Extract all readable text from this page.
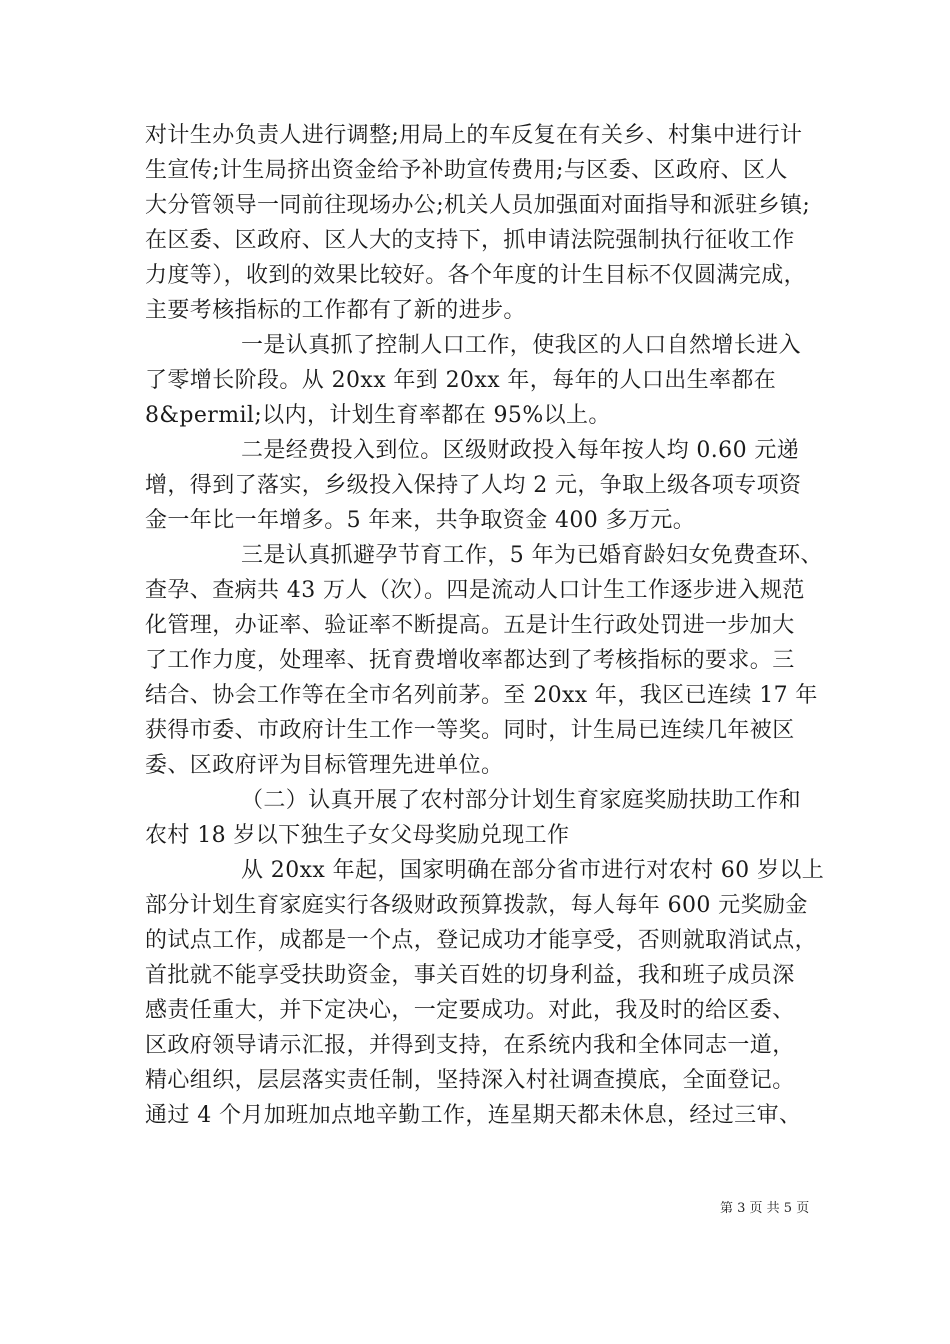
对计生办负责人进行调整;用局上的车反复在有关乡、村集中进行计
生宣传;计生局挤出资金给予补助宣传费用;与区委、区政府、区人
大分管领导一同前往现场办公;机关人员加强面对面指导和派驻乡镇;
在区委、区政府、区人大的支持下，抓申请法院强制执行征收工作
力度等），收到的效果比较好。各个年度的计生目标不仅圆满完成，
主要考核指标的工作都有了新的进步。
一是认真抓了控制人口工作，使我区的人口自然增长进入
了零增长阶段。从 20xx 年到 20xx 年，每年的人口出生率都在
8&permil;以内，计划生育率都在 95%以上。
二是经费投入到位。区级财政投入每年按人均 0.60 元递
增，得到了落实，乡级投入保持了人均 2 元，争取上级各项专项资
金一年比一年增多。5 年来，共争取资金 400 多万元。
三是认真抓避孕节育工作，5 年为已婚育龄妇女免费查环、
查孕、查病共 43 万人（次）。四是流动人口计生工作逐步进入规范
化管理，办证率、验证率不断提高。五是计生行政处罚进一步加大
了工作力度，处理率、抚育费增收率都达到了考核指标的要求。三
结合、协会工作等在全市名列前茅。至 20xx 年，我区已连续 17 年
获得市委、市政府计生工作一等奖。同时，计生局已连续几年被区
委、区政府评为目标管理先进单位。
（二）认真开展了农村部分计划生育家庭奖励扶助工作和
农村 18 岁以下独生子女父母奖励兑现工作
从 20xx 年起，国家明确在部分省市进行对农村 60 岁以上
部分计划生育家庭实行各级财政预算拨款，每人每年 600 元奖励金
的试点工作，成都是一个点，登记成功才能享受，否则就取消试点，
首批就不能享受扶助资金，事关百姓的切身利益，我和班子成员深
感责任重大，并下定决心，一定要成功。对此，我及时的给区委、
区政府领导请示汇报，并得到支持，在系统内我和全体同志一道，
精心组织，层层落实责任制，坚持深入村社调查摸底，全面登记。
通过 4 个月加班加点地辛勤工作，连星期天都未休息，经过三审、
第 3 页 共 5 页
